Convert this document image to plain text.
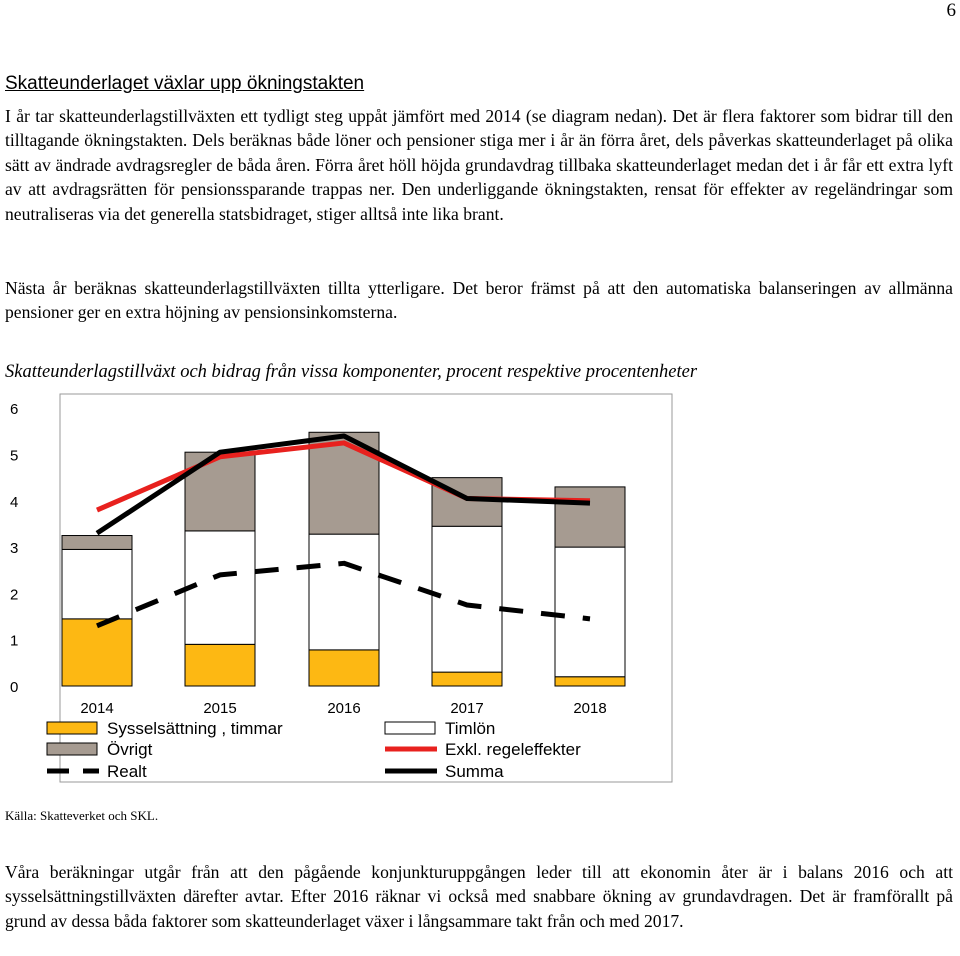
6
Skatteunderlaget växlar upp ökningstakten

I år tar skatteunderlagstillväxten ett tydligt steg uppåt jämfört med 2014 (se diagram nedan). Det är flera faktorer som bidrar till den tilltagande ökningstakten. Dels beräknas både löner och pensioner stiga mer i år än förra året, dels påverkas skatteunderlaget på olika sätt av ändrade avdragsregler de båda åren. Förra året höll höjda grundavdrag tillbaka skatteunderlaget medan det i år får ett extra lyft av att avdragsrätten för pensionssparande trappas ner. Den underliggande ökningstakten, rensat för effekter av regeländringar som neutraliseras via det generella statsbidraget, stiger alltså inte lika brant.

Nästa år beräknas skatteunderlagstillväxten tillta ytterligare. Det beror främst på att den automatiska balanseringen av allmänna pensioner ger en extra höjning av pensionsinkomsterna.

Skatteunderlagstillväxt och bidrag från vissa komponenter, procent respektive procentenheter
0
1
2
3
4
5
6
2014	2015	2016	2017	2018
Sysselsättning , timmar	Timlön
Övrigt	Exkl. regeleffekter
Realt	Summa
Källa: Skatteverket och SKL.

Våra beräkningar utgår från att den pågående konjunkturuppgången leder till att ekonomin åter är i balans 2016 och att sysselsättningstillväxten därefter avtar. Efter 2016 räknar vi också med snabbare ökning av grundavdragen. Det är framförallt på grund av dessa båda faktorer som skatteunderlaget växer i långsammare takt från och med 2017.
